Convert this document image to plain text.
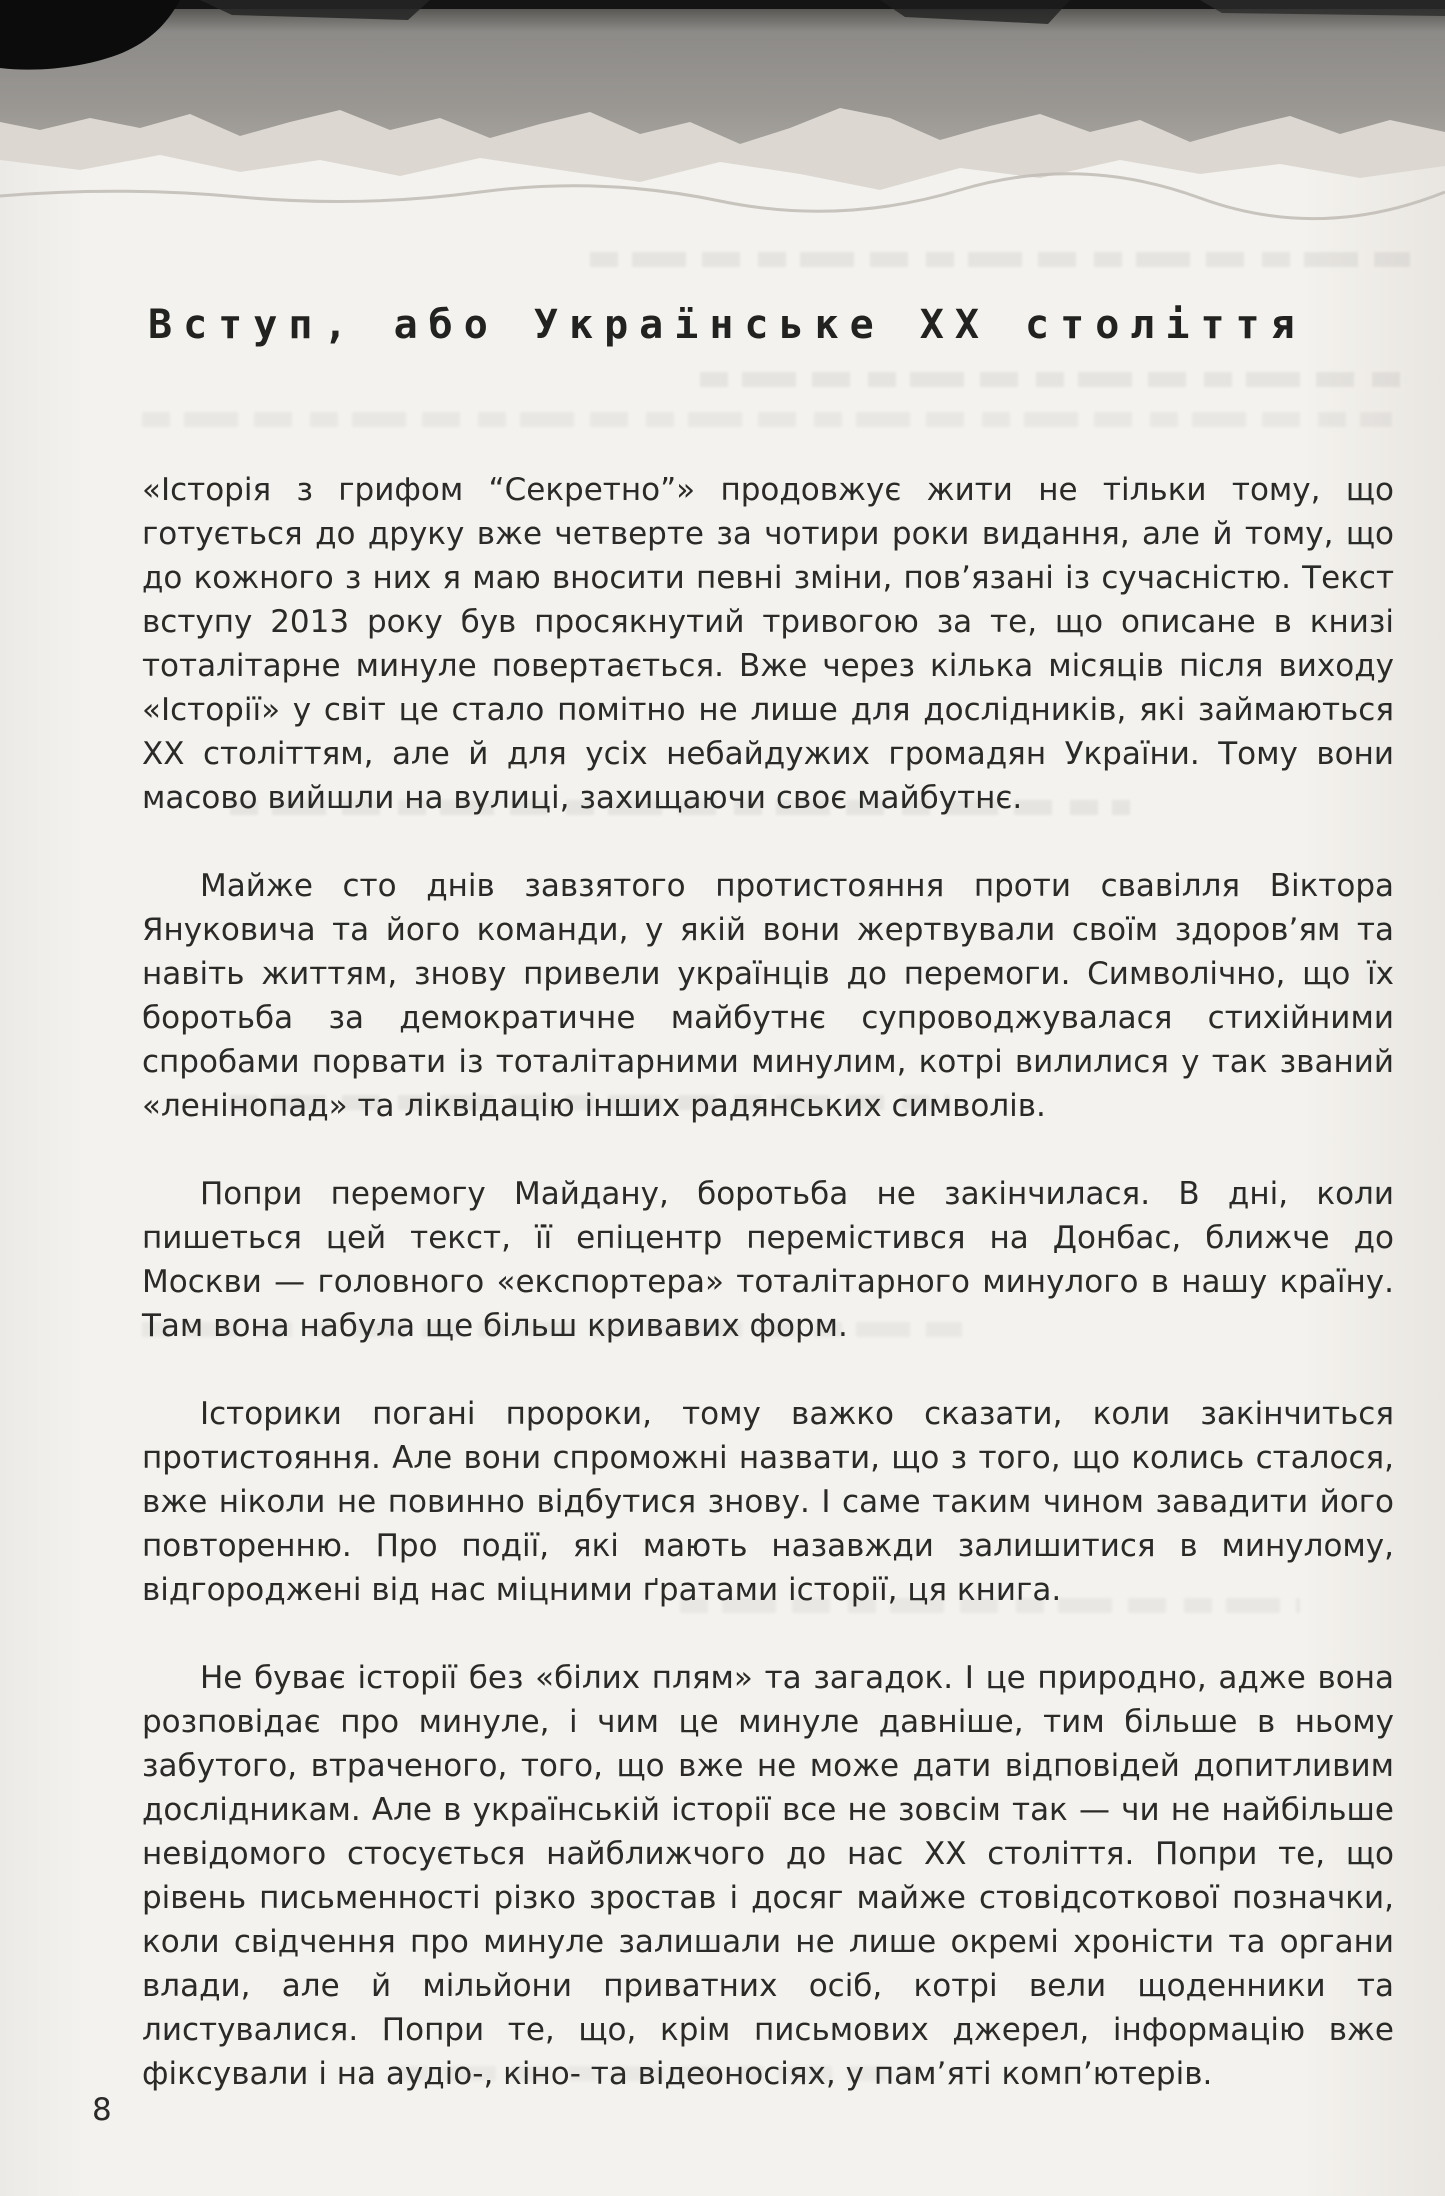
Вступ, або Українське ХХ століття

«Історія з грифом “Секретно”» продовжує жити не тільки тому, що готується до друку вже четверте за чотири роки видання, але й тому, що до кожного з них я маю вносити певні зміни, пов’язані із сучасністю. Текст вступу 2013 року був просякнутий тривогою за те, що описане в книзі тоталітарне минуле повертається. Вже через кілька місяців після виходу «Історії» у світ це стало помітно не лише для дослідників, які займаються ХХ століттям, але й для усіх небайдужих громадян України. Тому вони масово вийшли на вулиці, захищаючи своє майбутнє.

Майже сто днів завзятого протистояння проти свавілля Віктора Януковича та його команди, у якій вони жертвували своїм здоров’ям та навіть життям, знову привели українців до перемоги. Символічно, що їх боротьба за демократичне майбутнє супроводжувалася стихійними спробами порвати із тоталітарними минулим, котрі вилилися у так званий «ленінопад» та ліквідацію інших радянських символів.

Попри перемогу Майдану, боротьба не закінчилася. В дні, коли пишеться цей текст, її епіцентр перемістився на Донбас, ближче до Москви — головного «експортера» тоталітарного минулого в нашу країну. Там вона набула ще більш кривавих форм.

Історики погані пророки, тому важко сказати, коли закінчиться протистояння. Але вони спроможні назвати, що з того, що колись сталося, вже ніколи не повинно відбутися знову. І саме таким чином завадити його повторенню. Про події, які мають назавжди залишитися в минулому, відгороджені від нас міцними ґратами історії, ця книга.

Не буває історії без «білих плям» та загадок. І це природно, адже вона розповідає про минуле, і чим це минуле давніше, тим більше в ньому забутого, втраченого, того, що вже не може дати відповідей допитливим дослідникам. Але в українській історії все не зовсім так — чи не найбільше невідомого стосується найближчого до нас ХХ століття. Попри те, що рівень письменності різко зростав і досяг майже стовідсоткової позначки, коли свідчення про минуле залишали не лише окремі хроністи та органи влади, але й мільйони приватних осіб, котрі вели щоденники та листувалися. Попри те, що, крім письмових джерел, інформацію вже фіксували і на аудіо-, кіно- та відеоносіях, у пам’яті комп’ютерів.

8
